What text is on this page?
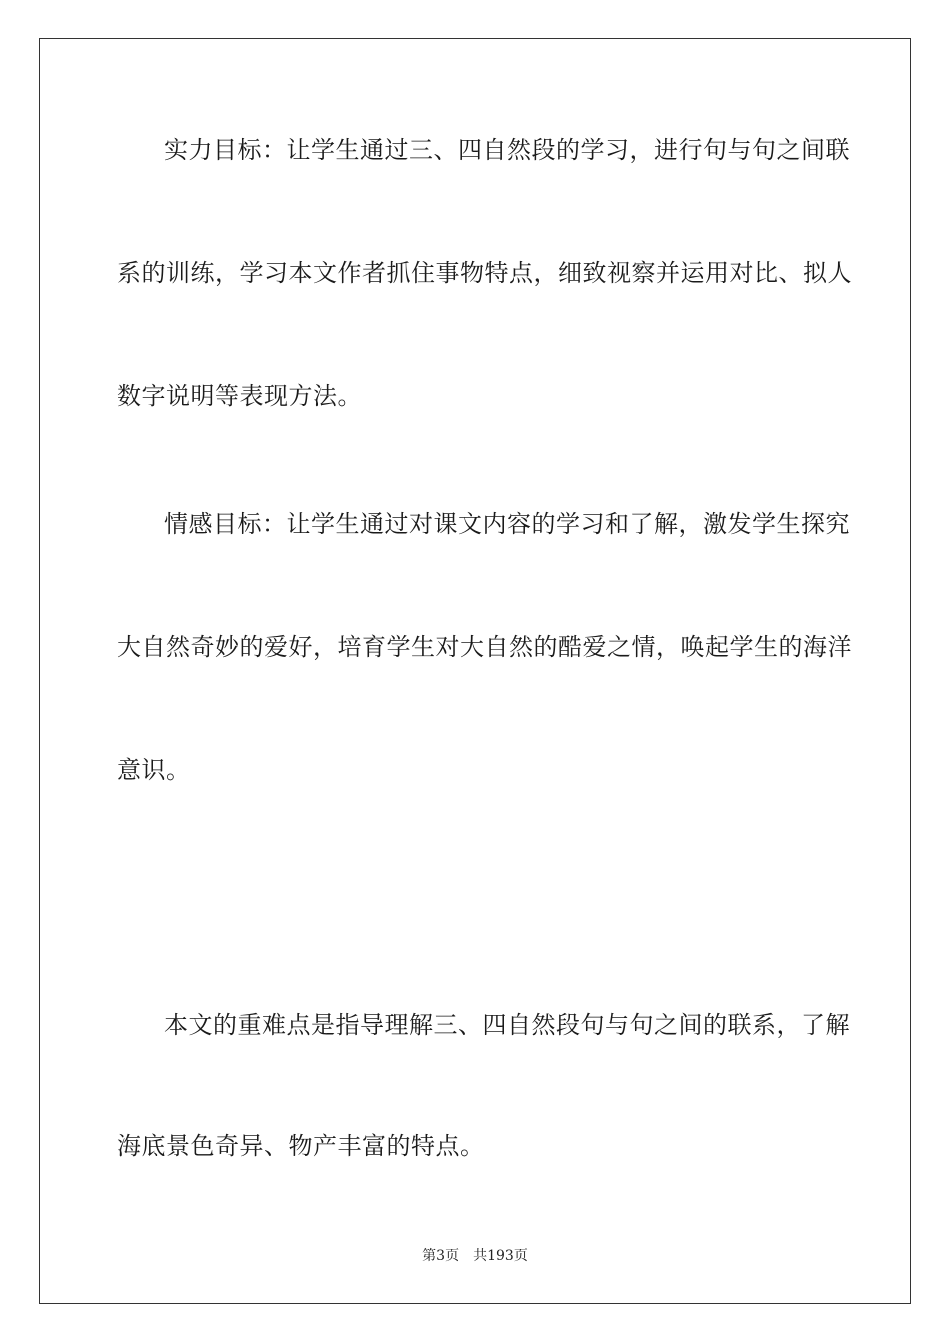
实力目标：让学生通过三、四自然段的学习，进行句与句之间联

系的训练，学习本文作者抓住事物特点，细致视察并运用对比、拟人

数字说明等表现方法。

情感目标：让学生通过对课文内容的学习和了解，激发学生探究

大自然奇妙的爱好，培育学生对大自然的酷爱之情，唤起学生的海洋

意识。

本文的重难点是指导理解三、四自然段句与句之间的联系，了解

海底景色奇异、物产丰富的特点。

第3页 共193页
